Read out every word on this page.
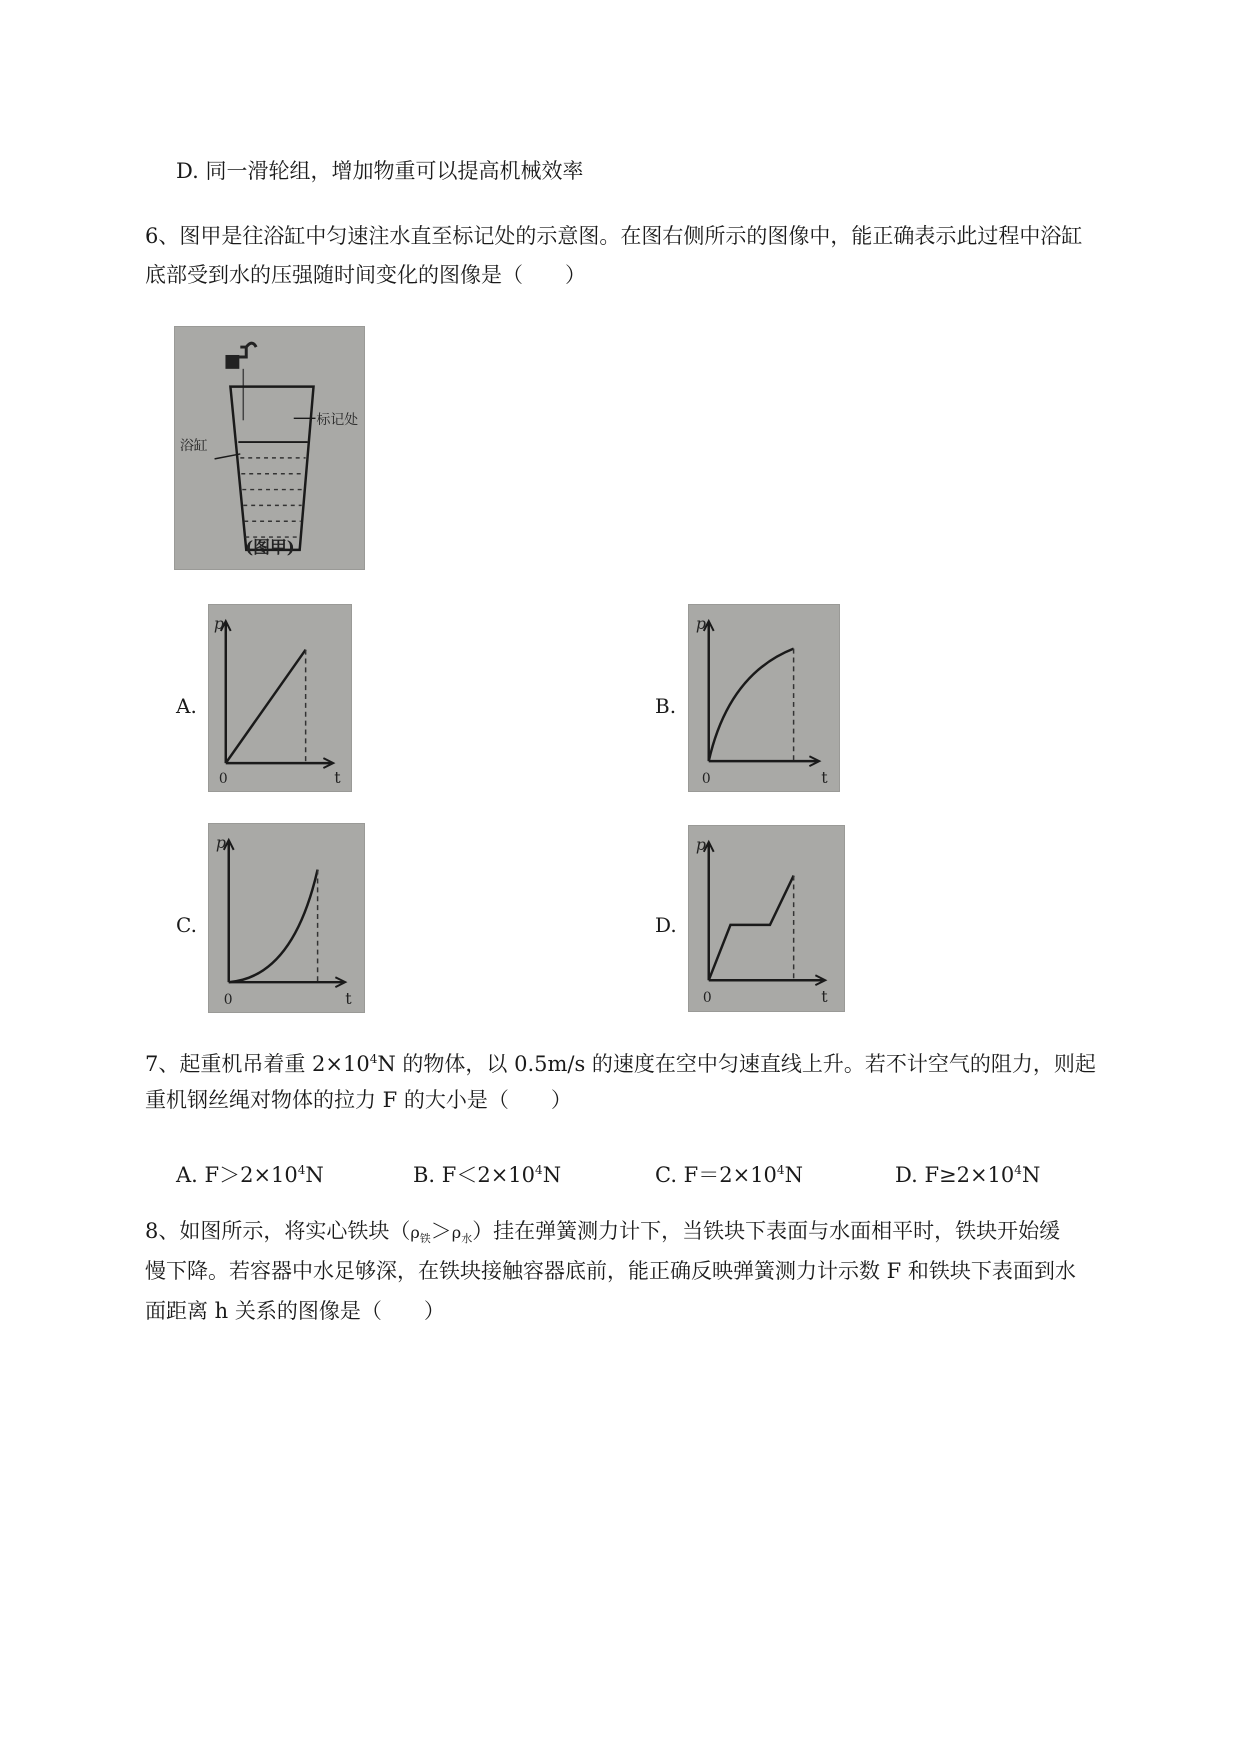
D. 同一滑轮组，增加物重可以提高机械效率
6、图甲是往浴缸中匀速注水直至标记处的示意图。在图右侧所示的图像中，能正确表示此过程中浴缸
底部受到水的压强随时间变化的图像是（　　）
标记处
浴缸
(图甲)
A.
p
t
0
B.
p
t
0
C.
p
t
0
D.
p
t
0
7、起重机吊着重 $2\times 10^4N$ 的物体，以 0.5m/s 的速度在空中匀速直线上升。若不计空气的阻力，则起
重机钢丝绳对物体的拉力 F 的大小是（　　）
A. $F>2\times 10^4N$	B. $F<2\times 10^4N$	C. $F=2\times 10^4N$	D. $F\ge 2\times 10^4N$
8、如图所示，将实心铁块$(\rho_铁>\rho_水)$挂在弹簧测力计下，当铁块下表面与水面相平时，铁块开始缓
慢下降。若容器中水足够深，在铁块接触容器底前，能正确反映弹簧测力计示数 F 和铁块下表面到水
面距离 h 关系的图像是（　　）
